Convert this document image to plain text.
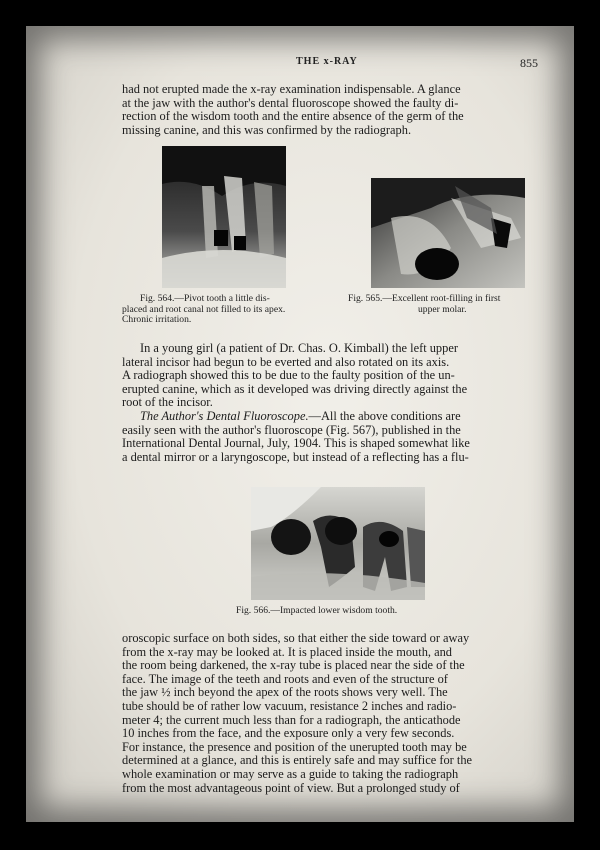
THE x-RAY	855
had not erupted made the x-ray examination indispensable. A glance
at the jaw with the author's dental fluoroscope showed the faulty di-
rection of the wisdom tooth and the entire absence of the germ of the
missing canine, and this was confirmed by the radiograph.
Fig. 564.—Pivot tooth a little dis-
placed and root canal not filled to its apex.
Chronic irritation.
Fig. 565.—Excellent root-filling in first
upper molar.
In a young girl (a patient of Dr. Chas. O. Kimball) the left upper
lateral incisor had begun to be everted and also rotated on its axis.
A radiograph showed this to be due to the faulty position of the un-
erupted canine, which as it developed was driving directly against the
root of the incisor.
The Author's Dental Fluoroscope.—All the above conditions are
easily seen with the author's fluoroscope (Fig. 567), published in the
International Dental Journal, July, 1904. This is shaped somewhat like
a dental mirror or a laryngoscope, but instead of a reflecting has a flu-
Fig. 566.—Impacted lower wisdom tooth.
oroscopic surface on both sides, so that either the side toward or away
from the x-ray may be looked at. It is placed inside the mouth, and
the room being darkened, the x-ray tube is placed near the side of the
face. The image of the teeth and roots and even of the structure of
the jaw ½ inch beyond the apex of the roots shows very well. The
tube should be of rather low vacuum, resistance 2 inches and radio-
meter 4; the current much less than for a radiograph, the anticathode
10 inches from the face, and the exposure only a very few seconds.
For instance, the presence and position of the unerupted tooth may be
determined at a glance, and this is entirely safe and may suffice for the
whole examination or may serve as a guide to taking the radiograph
from the most advantageous point of view. But a prolonged study of
